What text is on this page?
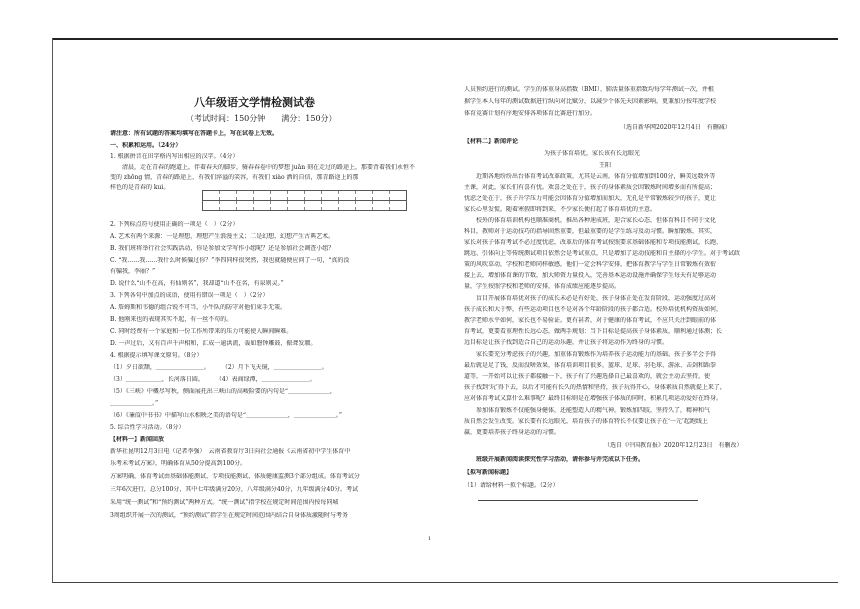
八年级语文学情检测试卷
（考试时间：150分钟　　满分：150分）
请注意：所有试题的答案均填写在答题卡上，写在试卷上无效。
一、积累和运用。（24分）
1. 根据拼音在田字格内写出相应的汉字。（4分）
　　清晨，走在青春的跑道上，伴着春天的脚步，骑春春卷中的梦想 juān 刻在走过的路途上，那要背着我们永恒不
变的 zhōng 情，青春的路途上，有我们淬溢的笑容，有我们 xiào 洒的自信，那青路途上的那
样色的是青春的 kuì。
2. 下列标点符号使用正确的一项是（　）（2分）
A. 艺术有两个来源：一是理想，理想产生浪漫主义；二是幻想，幻想产生古典艺术。
B. 我们班将举行社会实践活动，你是参加文学写作小组呢？还是参加社会调查小组？
C. “我……我……我什么时候骗过你？”李四同样很突然，我也就随便应问了一句，“真的没
有骗我，李丽？”
D. 说什么“山不在高，有仙则名”，我却道“山不在名，有泉则灵。”
3. 下列各句中加点的成语，使用有错误一项是（　）（2分）
A. 詹姆斯和韦德的组合锐不可当，小牛队的防守对他们束手无策。
B. 他刚来也的表现其实不起，有一丝不苟的。
C. 同时经费有一个家庭和一份工作所带来的压力可能使人瞬间瞬难。
D. 一声过后，又有百声千声相和，汇成一逾洪流，轰如磐钟雕鼓、振聋发聩。
4. 根据提示填写课文原句。（8分）
（1）夕日欲颓，＿＿＿＿＿＿＿＿。　　　（2）月下飞天镜，＿＿＿＿＿＿＿＿。
（3）＿＿＿＿＿＿，长河落日圆。　　　（4）表商绿潭，＿＿＿＿＿＿＿＿。
（5）《三峡》中概尽写秋，侧面展托出三峡山的高峻险要的内句是“＿＿＿＿＿＿＿，
＿＿＿＿＿＿＿。”
（6）《蒹葭中书书》中描写山水相映之美的语句是“＿＿＿＿＿＿＿，＿＿＿＿＿＿＿。”
5. 综合性学习活动。（8分）
【材料一】新闻回放
新华社昆明12月3日电（记者李强）　云南省教育厅3日向社会通报《云南省初中学生体育中
乐考未考试方案》，明确体育从50分提高到100分。
方案明确，体育考试由基础体能测试、专项技能测试、体质健康监测3个部分组成。体育考试分
三年6次进行，总分100分，其中七年级满分20分，八年级满分40分，九年级满分40分。考试
采用“统一测试”和“预约测试”两种方式。“统一测试”指学校在规定时间范围内按每同城
3周组织开展一次的测试，“预约测试”指学生在规定时间范围内结合自身体质激随时与考务
人员预约进行的测试。学生的体重身高指数（BMI）、肺活量体重指数均每学年测试一次，并根
据学生本人每年的测试数据进行纵向对比赋分，以减少个体先天因素影响，更兼加分按年度学校
体育竞赛计划有序地安排各项体育比赛进行加分。
（选自新华网2020年12月4日　有删减）
【材料二】新闻评论
为孩子体育培优，家长该有长远眼光
王阳
　　近期各地纷纷出台体育考试改革政策，尤其是云南，体育分值增加到100分，瞬美远数外等
主课，对此，家长们有喜有忧。欢喜之处在于，孩子的身体素质会因锻炼时间增多而有所提高；
忧虑之处在于，孩子升学压力可能会因体育分值增加而加大，无孔是平常锻炼较少的孩子，更让
家长心里发慌。随着寒假即将到来，不少家长便打起了体育培优的主意。
　　校外的体育培训机构也顺准商机，推出各种速成班，迎合家长心态，但体育科目不同于文化
科目，教师对于运动技巧的指导固然重要，但最重要的是学生练习及动习惯。瞬加锻炼，其实，
家长对孩子体育考试不必过度忧虑，改革后的体育考试按照要求基础体能和专项技能测试，长跑、
跳远、引体向上等传统测试项目依然会是考试重点，只是增加了运动技能和自主择的小学生。对于考试政
策的风吹草动，学校和老师同样敏感，他们一定会科学安排，把体育教学与学生日常锻炼有效衔
接上去，增加体育课的节数，加大师资力量投入，完善基本运动设施并确保学生每天有足够运动
量，学生按照学校和老师的安排，体育成绩应能逐步提高。
　　盲目开展体育培优对孩子的成长未必是有好处，孩子身体正处在发育阶段，运动强度过高对
孩子成长和大于弊，有些运动项目也不是对各个年龄阶段的孩子都合适。校外培优机构资质如何，
教学老师水平如何，家长也不易验证。更有甚者，对于健康的体育考试，不应只关注到眼前的体
育考试，更要看重理性长远心态，做两手规划：当下目标是提高孩子身体素质，顺利通过体测；长
远目标是让孩子找到适合自己的运动乐趣，并让孩子将运动作为终身的习惯。
　　家长要充分考虑孩子的兴趣，加重体育锻炼作为培养孩子运动能力的基础。孩子多半会予得
最后就是足了钱，反而没啥效果，体育培训项目很多，篮球、足球、羽毛球、游泳、击剑和跆拳
道等，一开始可以让孩子都接触一下，孩子有了兴趣选择自己最喜欢的，就会主动去坚持，使
孩子找到‘玩’得下去，以后才可能有长久的热情和坚持，孩子玩得开心，身体素质自然就提上来了，
应对体育考试又算什么难事呢？最终目标则是在增强孩子体质的同时，积累几项运动爱好在终身。
　　参加体育锻炼不仅能强身健体，还能塑造人的精气神，锻炼加四肢，坚持久了，精神和气
质自然会发生改变。家长要有长远眼光，培育孩子的体育特长不仅要让孩子在‘一元’起跑线上
赢，更要培养孩子终身运动的习惯。
（选自《中国教育报》2020年12月23日　有删改）
　　班级开展新闻阅读探究性学习活动，请你参与并完成以下任务。
【拟写新闻标题】
（1）请给材料一拟个标题。（2分）
1
